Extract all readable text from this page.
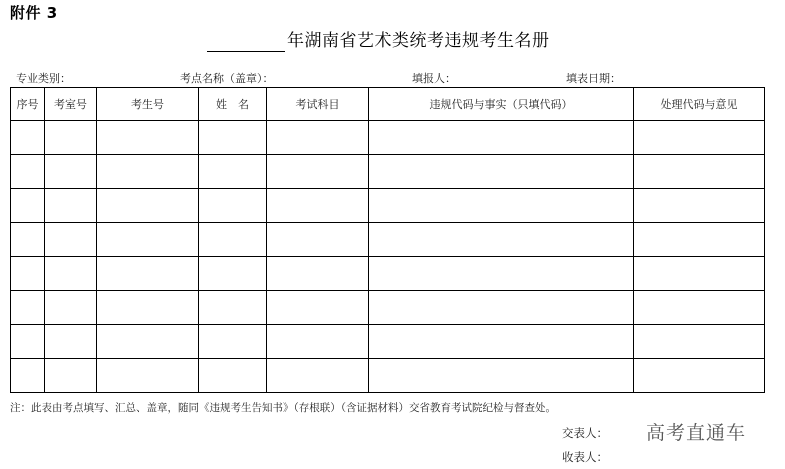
附件 3
年湖南省艺术类统考违规考生名册
专业类别：	考点名称（盖章）：	填报人：	填表日期：
序号	考室号	考生号	姓　名	考试科目	违规代码与事实（只填代码）	处理代码与意见

注：此表由考点填写、汇总、盖章，随同《违规考生告知书》（存根联）（含证据材料）交省教育考试院纪检与督查处。
交表人：
收表人：
高考直通车
